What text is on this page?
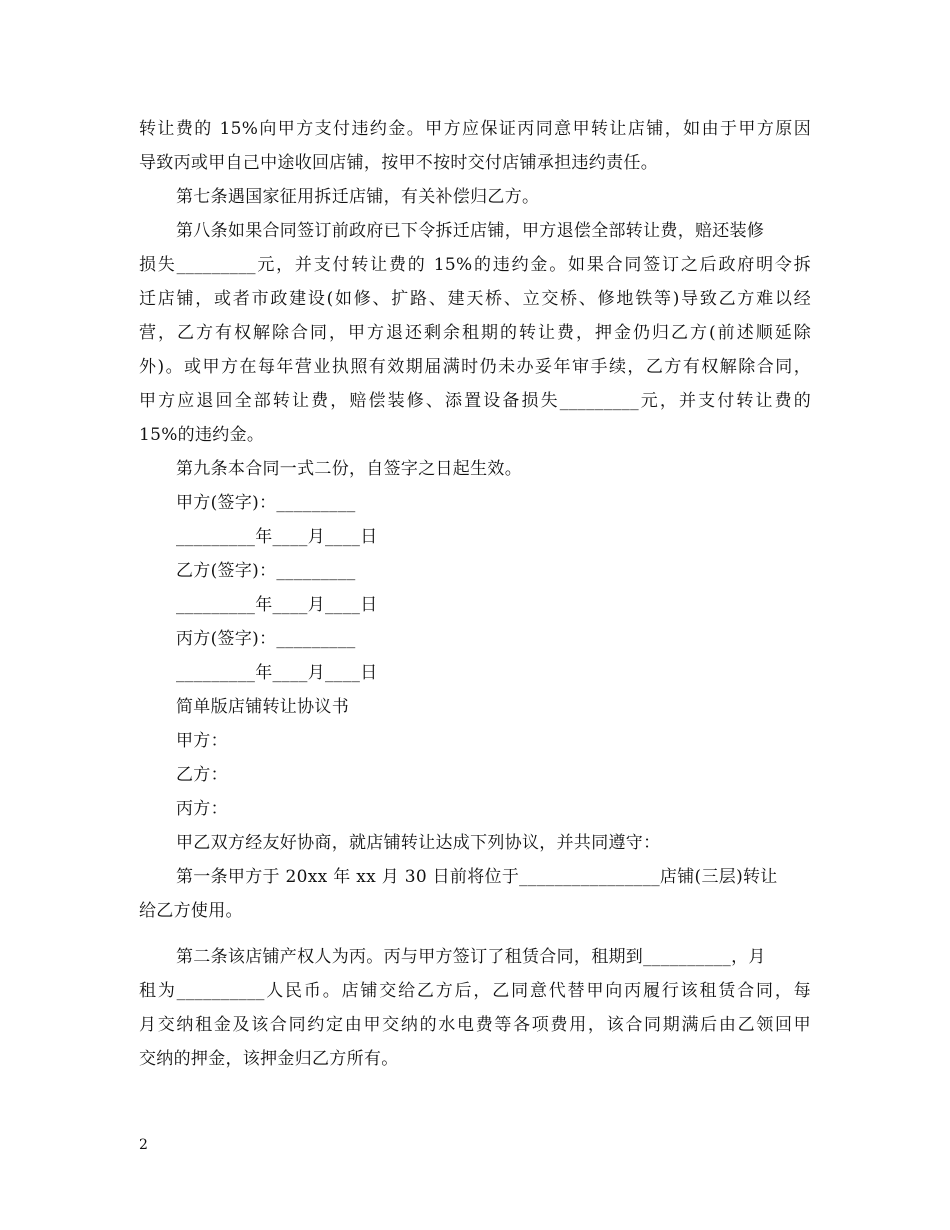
转让费的 15%向甲方支付违约金。甲方应保证丙同意甲转让店铺，如由于甲方原因
导致丙或甲自己中途收回店铺，按甲不按时交付店铺承担违约责任。
第七条遇国家征用拆迁店铺，有关补偿归乙方。
第八条如果合同签订前政府已下令拆迁店铺，甲方退偿全部转让费，赔还装修
损失_________元，并支付转让费的 15%的违约金。如果合同签订之后政府明令拆
迁店铺，或者市政建设(如修、扩路、建天桥、立交桥、修地铁等)导致乙方难以经
营，乙方有权解除合同，甲方退还剩余租期的转让费，押金仍归乙方(前述顺延除
外)。或甲方在每年营业执照有效期届满时仍未办妥年审手续，乙方有权解除合同，
甲方应退回全部转让费，赔偿装修、添置设备损失_________元，并支付转让费的
15%的违约金。
第九条本合同一式二份，自签字之日起生效。
甲方(签字)：_________
_________年____月____日
乙方(签字)：_________
_________年____月____日
丙方(签字)：_________
_________年____月____日
简单版店铺转让协议书
甲方：
乙方：
丙方：
甲乙双方经友好协商，就店铺转让达成下列协议，并共同遵守：
第一条甲方于 20xx 年 xx 月 30 日前将位于________________店铺(三层)转让
给乙方使用。
第二条该店铺产权人为丙。丙与甲方签订了租赁合同，租期到__________，月
租为__________人民币。店铺交给乙方后，乙同意代替甲向丙履行该租赁合同，每
月交纳租金及该合同约定由甲交纳的水电费等各项费用，该合同期满后由乙领回甲
交纳的押金，该押金归乙方所有。
2
